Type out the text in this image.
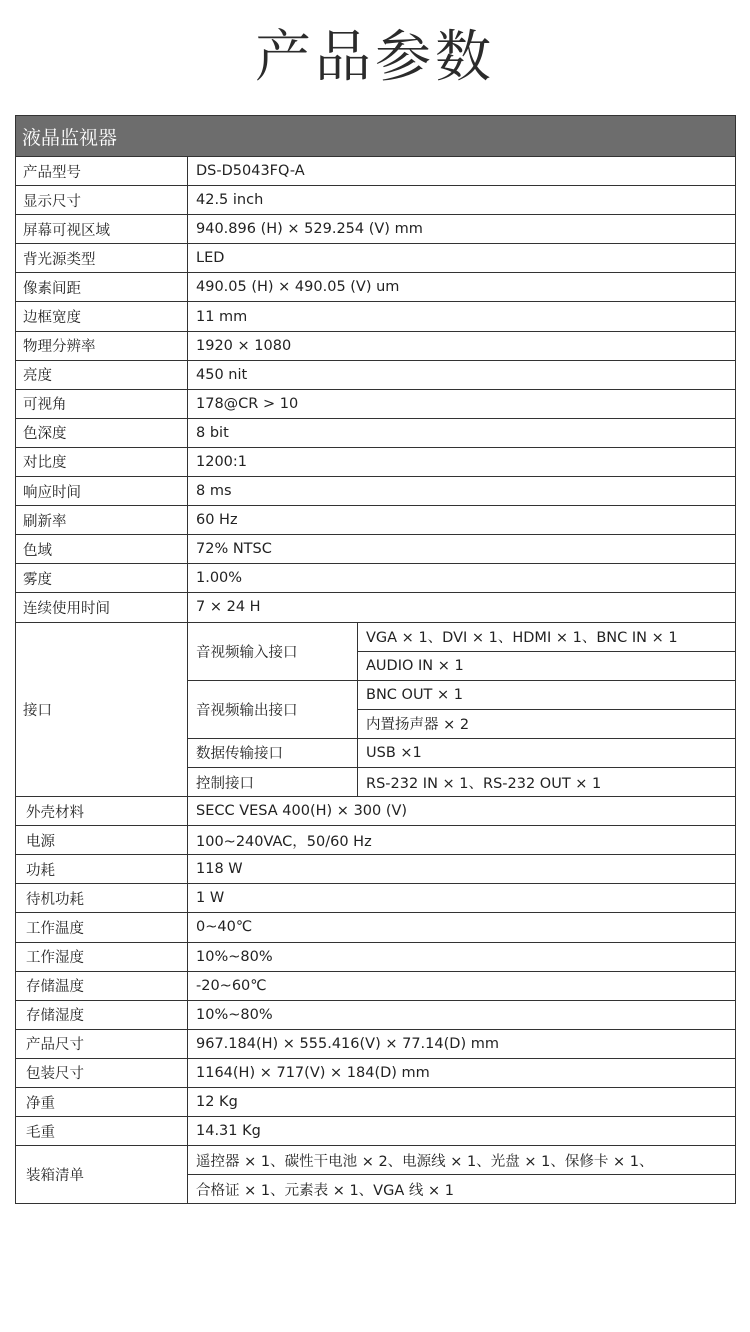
产品参数
液晶监视器		
产品型号	DS-D5043FQ-A	
显示尺寸	42.5 inch	
屏幕可视区域	940.896 (H) × 529.254 (V) mm	
背光源类型	LED	
像素间距	490.05 (H) × 490.05 (V) um	
边框宽度	11 mm	
物理分辨率	1920 × 1080	
亮度	450 nit	
可视角	178@CR > 10	
色深度	8 bit	
对比度	1200:1	
响应时间	8 ms	
刷新率	60 Hz	
色域	72% NTSC	
雾度	1.00%	
连续使用时间	7 × 24 H	
接口	音视频输入接口	VGA × 1、DVI × 1、HDMI × 1、BNC IN × 1
		AUDIO IN × 1
	音视频输出接口	BNC OUT × 1
		内置扬声器 × 2
	数据传输接口	USB ×1
	控制接口	RS-232 IN × 1、RS-232 OUT × 1
外壳材料	SECC VESA 400(H) × 300 (V)	
电源	100~240VAC，50/60 Hz	
功耗	118 W	
待机功耗	1 W	
工作温度	0~40℃	
工作湿度	10%~80%	
存储温度	-20~60℃	
存储湿度	10%~80%	
产品尺寸	967.184(H) × 555.416(V) × 77.14(D) mm	
包装尺寸	1164(H) × 717(V) × 184(D) mm	
净重	12 Kg	
毛重	14.31 Kg	
装箱清单	遥控器 × 1、碳性干电池 × 2、电源线 × 1、光盘 × 1、保修卡 × 1、	
	合格证 × 1、元素表 × 1、VGA 线 × 1	
